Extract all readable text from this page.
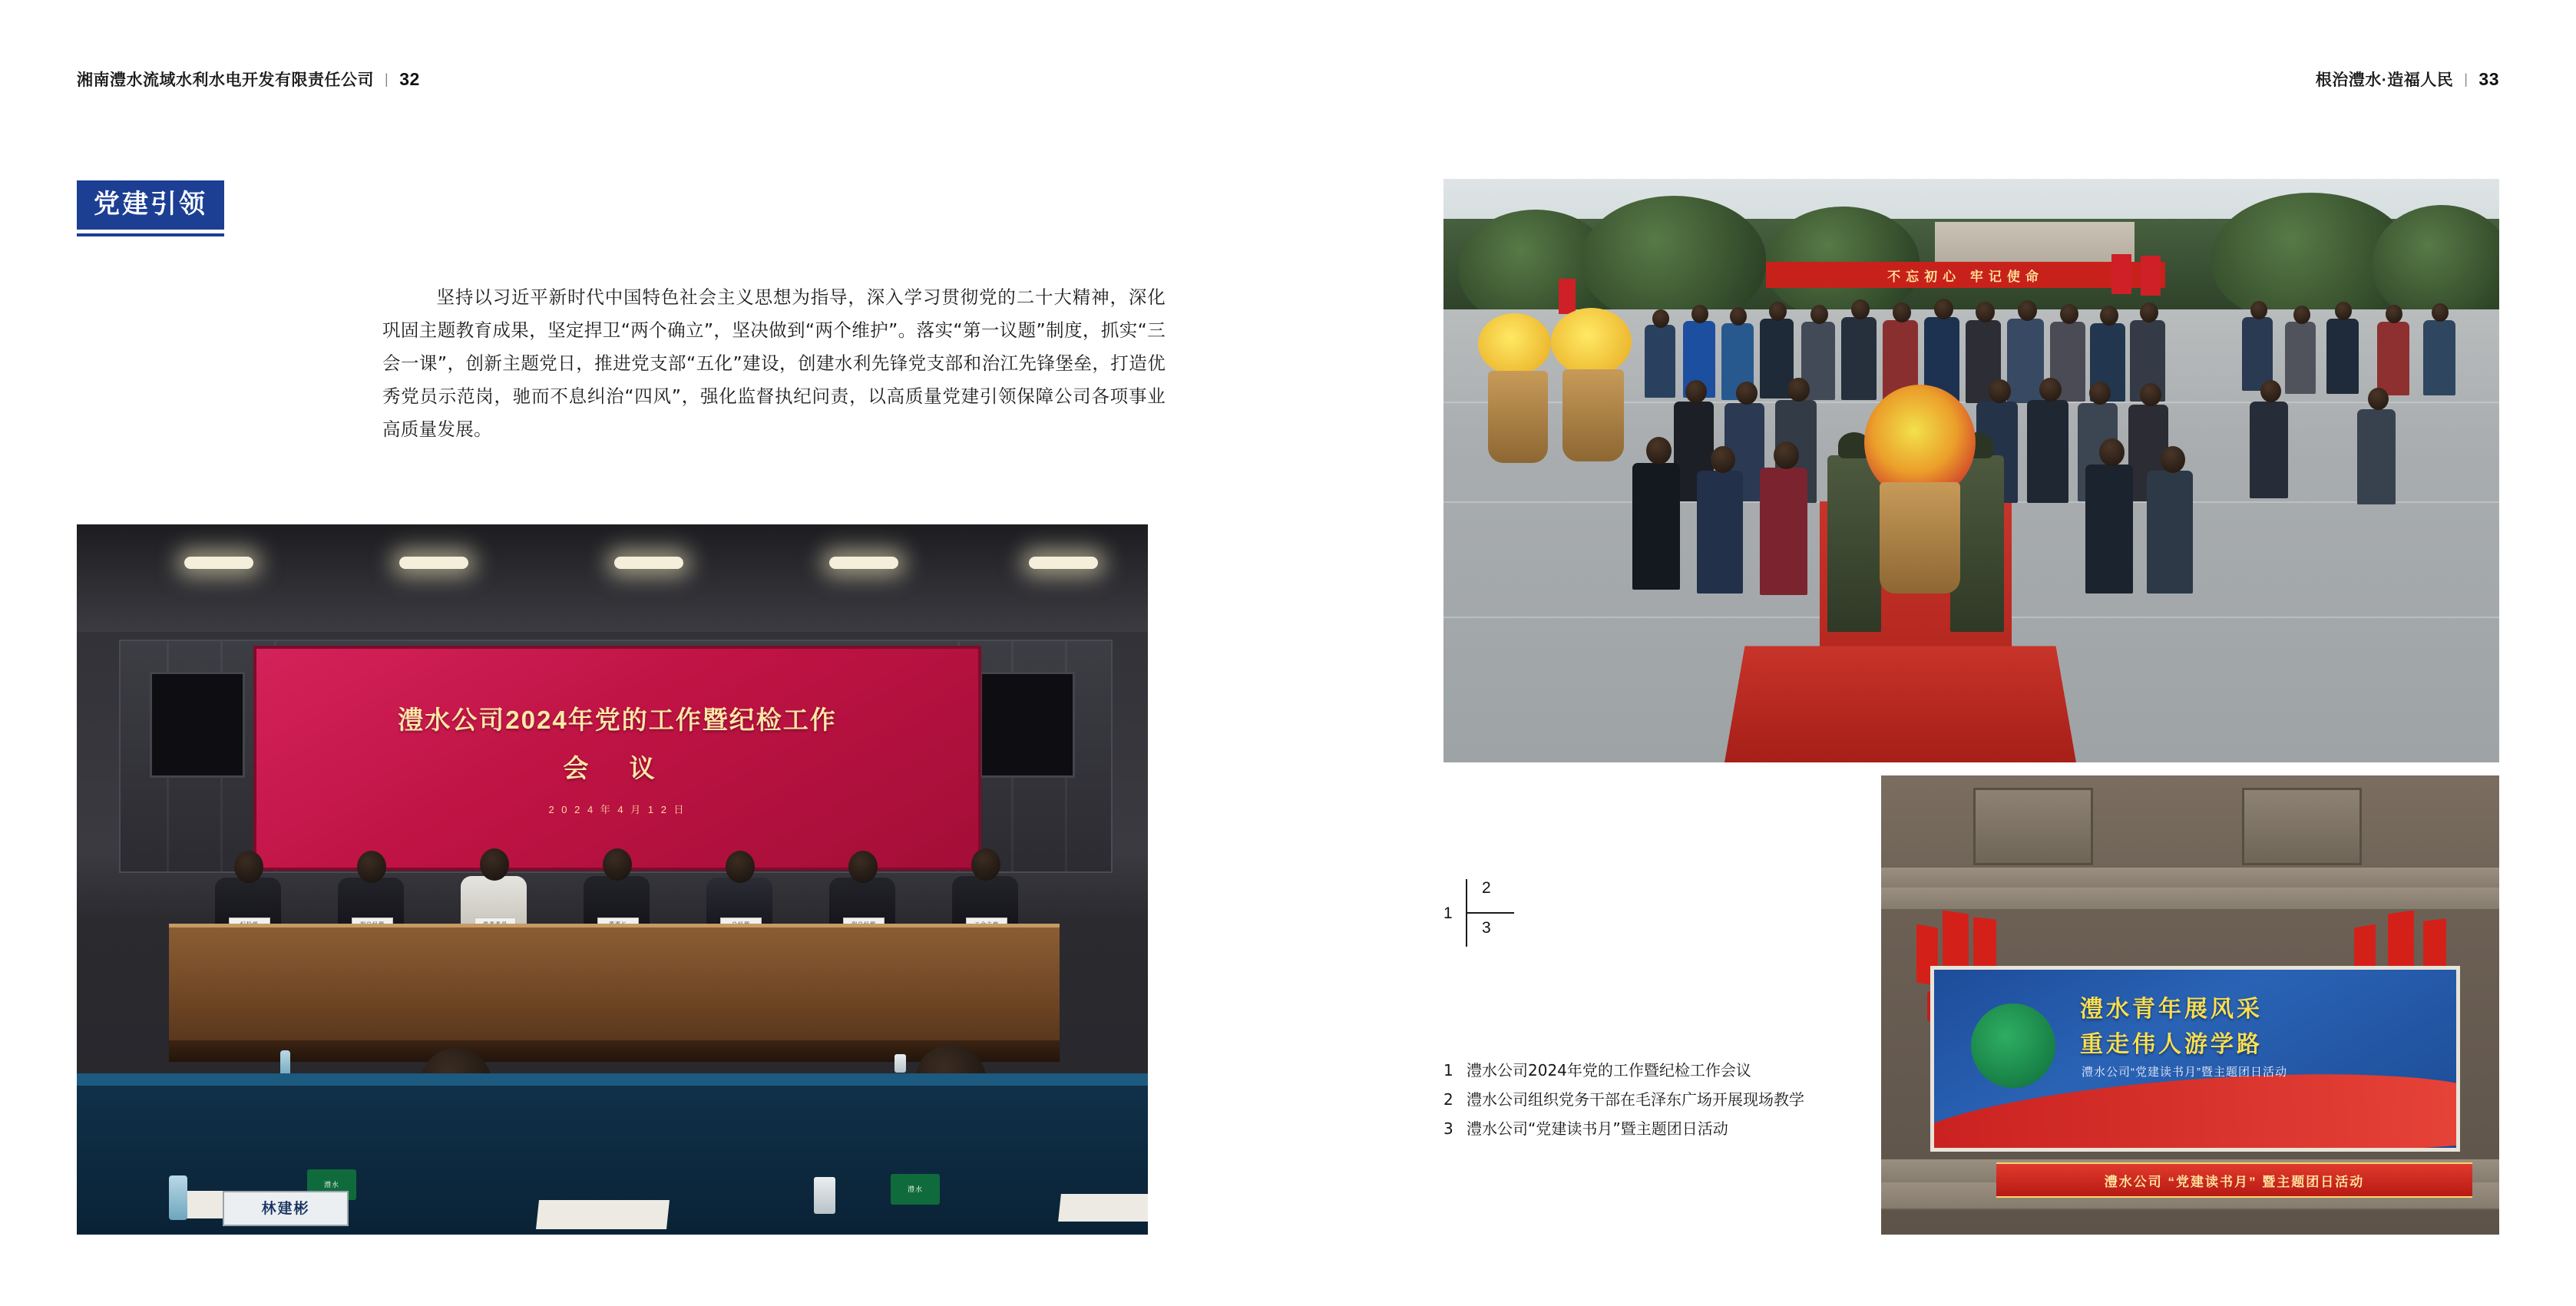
湘南澧水流域水利水电开发有限责任公司 | 32
党建引领
坚持以习近平新时代中国特色社会主义思想为指导，深入学习贯彻党的二十大精神，深化巩固主题教育成果，坚定捍卫“两个确立”，坚决做到“两个维护”。落实“第一议题”制度，抓实“三会一课”，创新主题党日，推进党支部“五化”建设，创建水利先锋党支部和治江先锋堡垒，打造优秀党员示范岗，驰而不息纠治“四风”，强化监督执纪问责，以高质量党建引领保障公司各项事业高质量发展。
澧水公司2024年党的工作暨纪检工作
会 议
2 0 2 4 年 4 月 1 2 日
澧水
澧水
林建彬
根治澧水·造福人民 | 33
不忘初心 牢记使命
1
2
3
1 澧水公司2024年党的工作暨纪检工作会议
2 澧水公司组织党务干部在毛泽东广场开展现场教学
3 澧水公司“党建读书月”暨主题团日活动
澧水青年展风采
重走伟人游学路
澧水公司“党建读书月”暨主题团日活动
澧水公司 “党建读书月” 暨主题团日活动
